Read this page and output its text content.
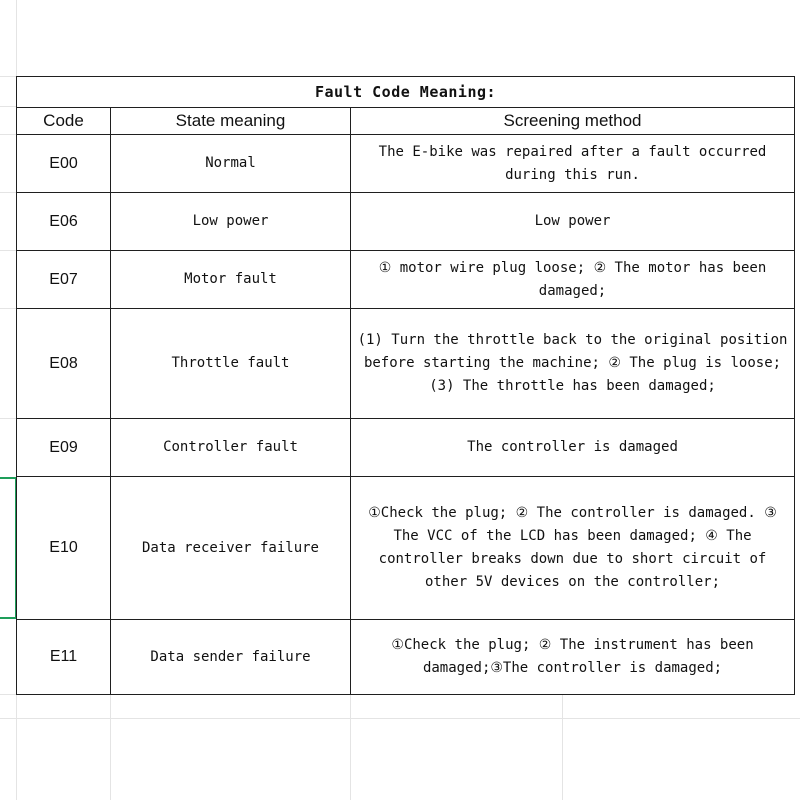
Fault Code Meaning:		
Code	State meaning	Screening method
E00	Normal	The E-bike was repaired after a fault occurred during this run.
E06	Low power	Low power
E07	Motor fault	① motor wire plug loose; ② The motor has been damaged;
E08	Throttle fault	(1) Turn the throttle back to the original position before starting the machine; ② The plug is loose; (3) The throttle has been damaged;
E09	Controller fault	The controller is damaged
E10	Data receiver failure	①Check the plug; ② The controller is damaged. ③ The VCC of the LCD has been damaged; ④ The controller breaks down due to short circuit of other 5V devices on the controller;
E11	Data sender failure	①Check the plug; ② The instrument has been damaged;③The controller is damaged;
